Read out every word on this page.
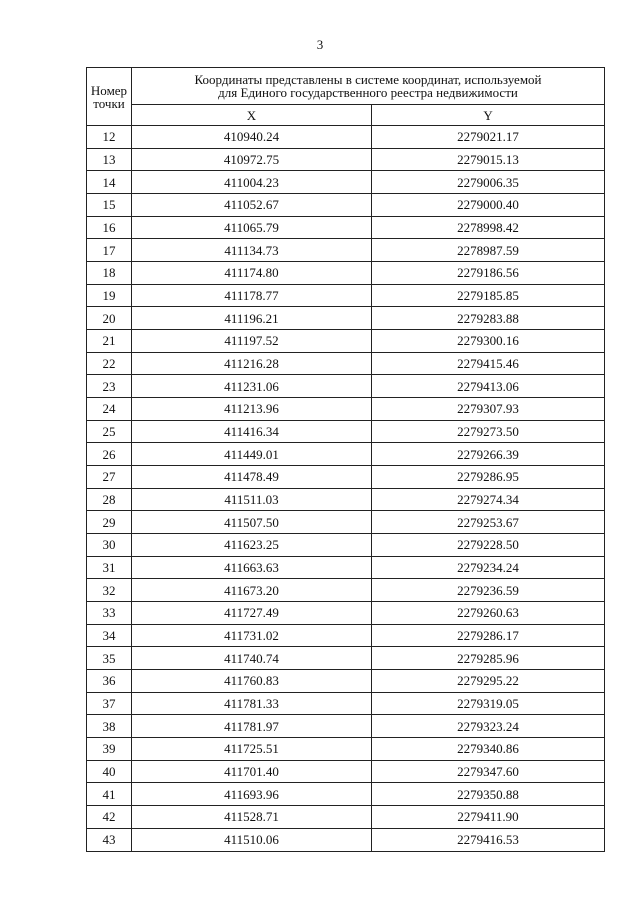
3
Номер
точки	Координаты представлены в системе координат, используемой
для Единого государственного реестра недвижимости	
	X	Y
12	410940.24	2279021.17
13	410972.75	2279015.13
14	411004.23	2279006.35
15	411052.67	2279000.40
16	411065.79	2278998.42
17	411134.73	2278987.59
18	411174.80	2279186.56
19	411178.77	2279185.85
20	411196.21	2279283.88
21	411197.52	2279300.16
22	411216.28	2279415.46
23	411231.06	2279413.06
24	411213.96	2279307.93
25	411416.34	2279273.50
26	411449.01	2279266.39
27	411478.49	2279286.95
28	411511.03	2279274.34
29	411507.50	2279253.67
30	411623.25	2279228.50
31	411663.63	2279234.24
32	411673.20	2279236.59
33	411727.49	2279260.63
34	411731.02	2279286.17
35	411740.74	2279285.96
36	411760.83	2279295.22
37	411781.33	2279319.05
38	411781.97	2279323.24
39	411725.51	2279340.86
40	411701.40	2279347.60
41	411693.96	2279350.88
42	411528.71	2279411.90
43	411510.06	2279416.53
